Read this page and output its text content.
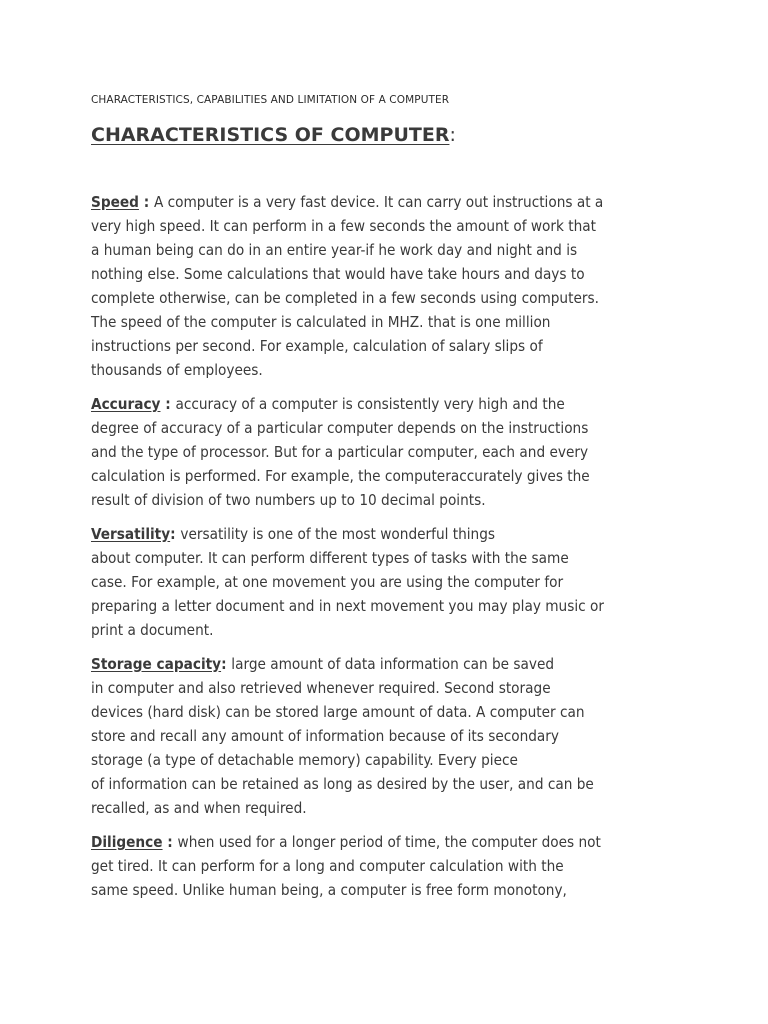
CHARACTERISTICS, CAPABILITIES AND LIMITATION OF A COMPUTER

CHARACTERISTICS OF COMPUTER:

Speed : A computer is a very fast device. It can carry out instructions at a
very high speed. It can perform in a few seconds the amount of work that
a human being can do in an entire year-if he work day and night and is
nothing else. Some calculations that would have take hours and days to
complete otherwise, can be completed in a few seconds using computers.
The speed of the computer is calculated in MHZ. that is one million
instructions per second. For example, calculation of salary slips of
thousands of employees.

Accuracy : accuracy of a computer is consistently very high and the
degree of accuracy of a particular computer depends on the instructions
and the type of processor. But for a particular computer, each and every
calculation is performed. For example, the computeraccurately gives the
result of division of two numbers up to 10 decimal points.

Versatility: versatility is one of the most wonderful things
about computer. It can perform different types of tasks with the same
case. For example, at one movement you are using the computer for
preparing a letter document and in next movement you may play music or
print a document.

Storage capacity: large amount of data information can be saved
in computer and also retrieved whenever required. Second storage
devices (hard disk) can be stored large amount of data. A computer can
store and recall any amount of information because of its secondary
storage (a type of detachable memory) capability. Every piece
of information can be retained as long as desired by the user, and can be
recalled, as and when required.

Diligence : when used for a longer period of time, the computer does not
get tired. It can perform for a long and computer calculation with the
same speed. Unlike human being, a computer is free form monotony,
